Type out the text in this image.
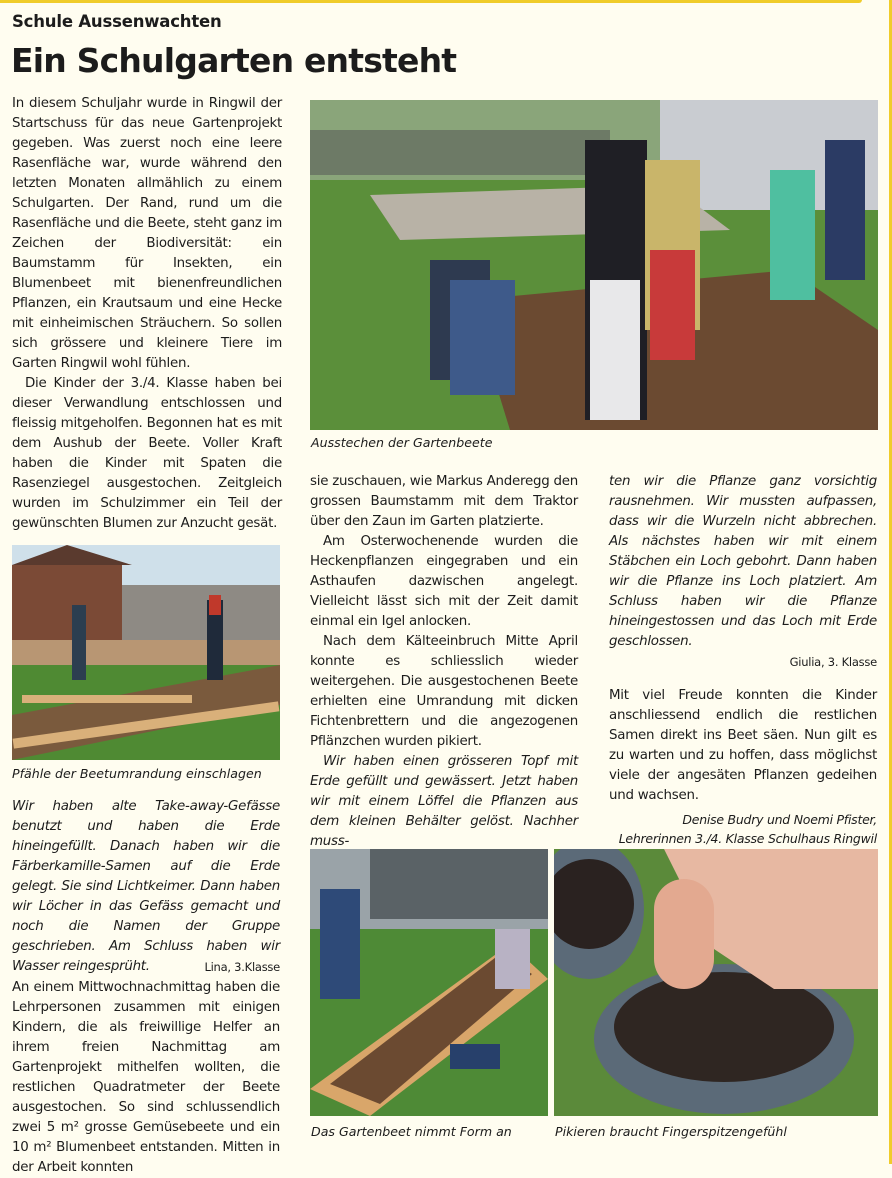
Schule Aussenwachten
Ein Schulgarten entsteht

In diesem Schuljahr wurde in Ringwil der Startschuss für das neue Gartenprojekt gegeben. Was zuerst noch eine leere Rasenfläche war, wurde während den letzten Monaten allmählich zu einem Schulgarten. Der Rand, rund um die Rasenfläche und die Beete, steht ganz im Zeichen der Biodiversität: ein Baumstamm für Insekten, ein Blumenbeet mit bienenfreundlichen Pflanzen, ein Krautsaum und eine Hecke mit einheimischen Sträuchern. So sollen sich grössere und kleinere Tiere im Garten Ringwil wohl fühlen.

Die Kinder der 3./4. Klasse haben bei dieser Verwandlung entschlossen und fleissig mitgeholfen. Begonnen hat es mit dem Aushub der Beete. Voller Kraft haben die Kinder mit Spaten die Rasenziegel ausgestochen. Zeitgleich wurden im Schulzimmer ein Teil der gewünschten Blumen zur Anzucht gesät.

Pfähle der Beetumrandung einschlagen

Wir haben alte Take-away-Gefässe benutzt und haben die Erde hineingefüllt. Danach haben wir die Färberkamille-Samen auf die Erde gelegt. Sie sind Lichtkeimer. Dann haben wir Löcher in das Gefäss gemacht und noch die Namen der Gruppe geschrieben. Am Schluss haben wir Wasser reingesprüht.	Lina, 3.Klasse

An einem Mittwochnachmittag haben die Lehrpersonen zusammen mit einigen Kindern, die als freiwillige Helfer an ihrem freien Nachmittag am Gartenprojekt mithelfen wollten, die restlichen Quadratmeter der Beete ausgestochen. So sind schlussendlich zwei 5 m² grosse Gemüsebeete und ein 10 m² Blumenbeet entstanden. Mitten in der Arbeit konnten

Ausstechen der Gartenbeete

sie zuschauen, wie Markus Anderegg den grossen Baumstamm mit dem Traktor über den Zaun im Garten platzierte.

Am Osterwochenende wurden die Heckenpflanzen eingegraben und ein Asthaufen dazwischen angelegt. Vielleicht lässt sich mit der Zeit damit einmal ein Igel anlocken.

Nach dem Kälteeinbruch Mitte April konnte es schliesslich wieder weitergehen. Die ausgestochenen Beete erhielten eine Umrandung mit dicken Fichtenbrettern und die angezogenen Pflänzchen wurden pikiert.

Wir haben einen grösseren Topf mit Erde gefüllt und gewässert. Jetzt haben wir mit einem Löffel die Pflanzen aus dem kleinen Behälter gelöst. Nachher muss-

ten wir die Pflanze ganz vorsichtig rausnehmen. Wir mussten aufpassen, dass wir die Wurzeln nicht abbrechen. Als nächstes haben wir mit einem Stäbchen ein Loch gebohrt. Dann haben wir die Pflanze ins Loch platziert. Am Schluss haben wir die Pflanze hineingestossen und das Loch mit Erde geschlossen.

Giulia, 3. Klasse

Mit viel Freude konnten die Kinder anschliessend endlich die restlichen Samen direkt ins Beet säen. Nun gilt es zu warten und zu hoffen, dass möglichst viele der angesäten Pflanzen gedeihen und wachsen.

Denise Budry und Noemi Pfister,

Lehrerinnen 3./4. Klasse Schulhaus Ringwil

Das Gartenbeet nimmt Form an	Pikieren braucht Fingerspitzengefühl
